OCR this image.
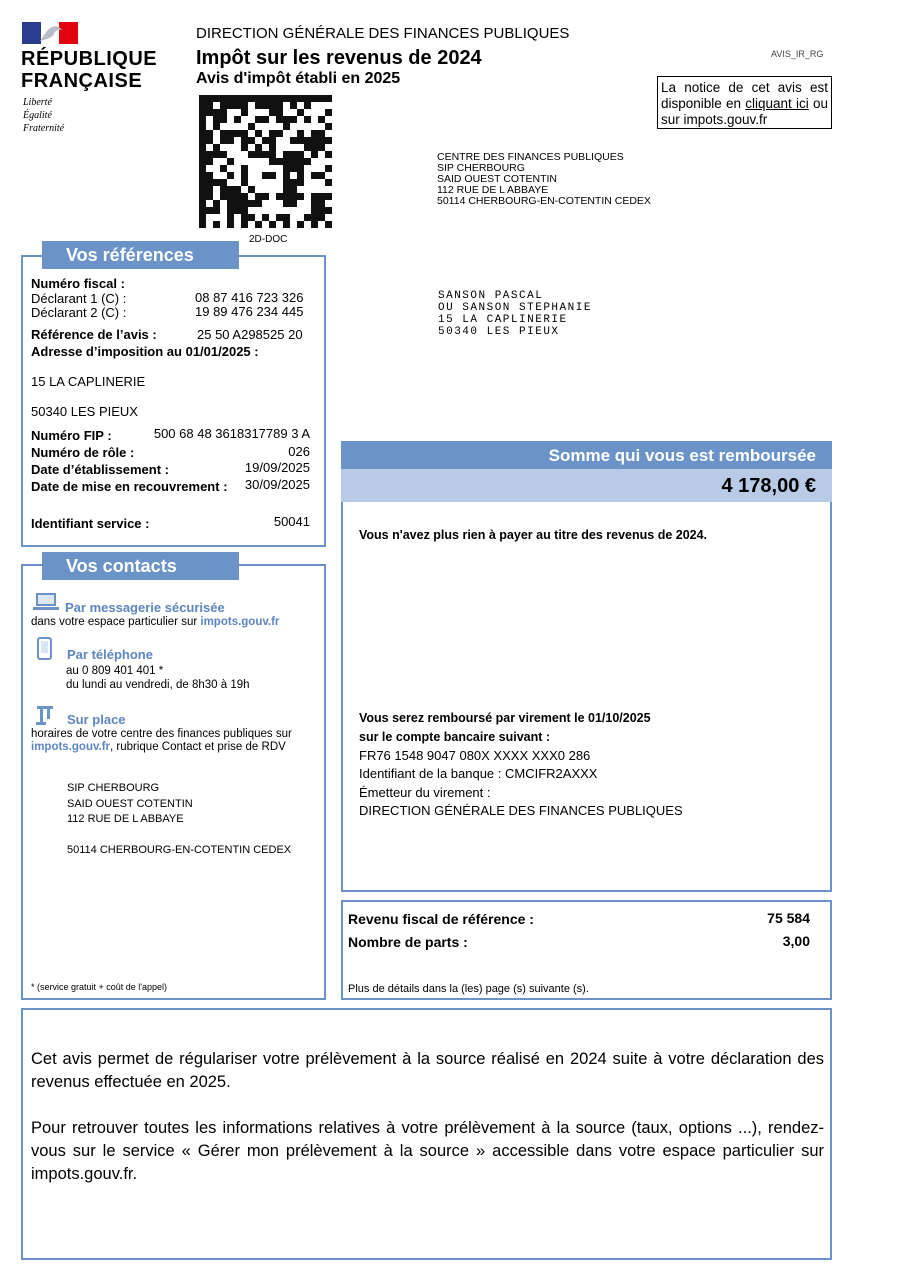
RÉPUBLIQUE
FRANÇAISE
Liberté
Égalité
Fraternité
DIRECTION GÉNÉRALE DES FINANCES PUBLIQUES
Impôt sur les revenus de 2024
Avis d'impôt établi en 2025
AVIS_IR_RG
La notice de cet avis est disponible en cliquant ici ou sur impots.gouv.fr
2D-DOC
CENTRE DES FINANCES PUBLIQUES
SIP CHERBOURG
SAID OUEST COTENTIN
112 RUE DE L ABBAYE
50114 CHERBOURG-EN-COTENTIN CEDEX
SANSON PASCAL
OU SANSON STEPHANIE
15 LA CAPLINERIE
50340 LES PIEUX
Vos références
Numéro fiscal :
Déclarant 1 (C) :	08 87 416 723 326
Déclarant 2 (C) :	19 89 476 234 445
Référence de l’avis :	25 50 A298525 20
Adresse d’imposition au 01/01/2025 :
15 LA CAPLINERIE
50340 LES PIEUX
Numéro FIP :	500 68 48 3618317789 3 A
Numéro de rôle :	026
Date d’établissement :	19/09/2025
Date de mise en recouvrement : 30/09/2025
Identifiant service :	50041
Vos contacts
Par messagerie sécurisée
dans votre espace particulier sur impots.gouv.fr
Par téléphone
au 0 809 401 401 *
du lundi au vendredi, de 8h30 à 19h
Sur place
horaires de votre centre des finances publiques sur
impots.gouv.fr, rubrique Contact et prise de RDV
SIP CHERBOURG
SAID OUEST COTENTIN
112 RUE DE L ABBAYE
50114 CHERBOURG-EN-COTENTIN CEDEX
* (service gratuit + coût de l'appel)
Somme qui vous est remboursée
4 178,00 €
Vous n'avez plus rien à payer au titre des revenus de 2024.
Vous serez remboursé par virement le 01/10/2025
sur le compte bancaire suivant :
FR76 1548 9047 080X XXXX XXX0 286
Identifiant de la banque : CMCIFR2AXXX
Émetteur du virement :
DIRECTION GÉNÉRALE DES FINANCES PUBLIQUES
Revenu fiscal de référence :	75 584
Nombre de parts :	3,00
Plus de détails dans la (les) page (s) suivante (s).
Cet avis permet de régulariser votre prélèvement à la source réalisé en 2024 suite à votre déclaration des revenus effectuée en 2025.
Pour retrouver toutes les informations relatives à votre prélèvement à la source (taux, options ...), rendez-vous sur le service « Gérer mon prélèvement à la source » accessible dans votre espace particulier sur impots.gouv.fr.
